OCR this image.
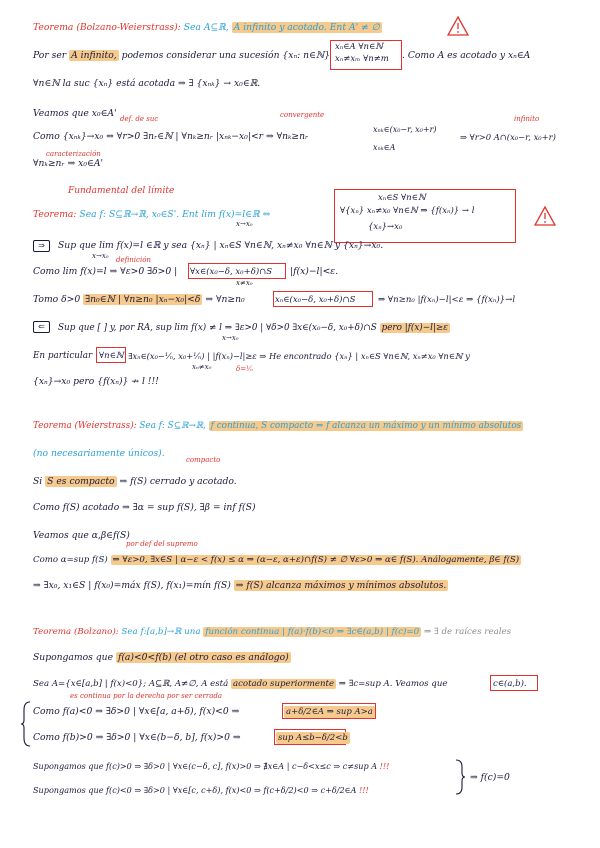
Teorema (Bolzano-Weierstrass): Sea A⊆ℝ, A infinito y acotado. Ent A' ≠ ∅
Por ser A infinito, podemos considerar una sucesión {xₙ: n∈ℕ}
xₙ∈A ∀n∈ℕ
xₙ≠xₘ ∀n≠m . Como A es acotado y xₙ∈A
∀n∈ℕ la suc {xₙ} está acotada ⇒ ∃ {xₙₖ} → x₀∈ℝ.
Veamos que x₀∈A' def. de suc	convergente	infinito
Como {xₙₖ}→x₀ ⇔ ∀r>0 ∃nᵣ∈ℕ | ∀nₖ≥nᵣ |xₙₖ−x₀|<r ⇒ ∀nₖ≥nᵣ
xₙₖ∈(x₀−r, x₀+r)
xₙₖ∈A
⇒ ∀r>0 A∩(x₀−r, x₀+r)
caracterización
∀nₖ≥nᵣ ⇒ x₀∈A'
Fundamental del límite
Teorema: Sea f: S⊆ℝ→ℝ, x₀∈S'. Ent lim f(x)=l∈ℝ ⇔
x→x₀
xₙ∈S ∀n∈ℕ
∀{xₙ} xₙ≠x₀ ∀n∈ℕ ⇒ {f(xₙ)} → l
{xₙ}→x₀
⇒	Sup que lim f(x)=l ∈ℝ y sea {xₙ} | xₙ∈S ∀n∈ℕ, xₙ≠x₀ ∀n∈ℕ y {xₙ}→x₀.
x→x₀ definición
Como lim f(x)=l ⇒ ∀ε>0 ∃δ>0 | ∀x∈(x₀−δ, x₀+δ)∩S |f(x)−l|<ε.
x≠x₀
Tomo δ>0 ∃n₀∈ℕ | ∀n≥n₀ |xₙ−x₀|<δ ⇒ ∀n≥n₀	xₙ∈(x₀−δ, x₀+δ)∩S	⇒ ∀n≥n₀ |f(xₙ)−l|<ε ⇒ {f(xₙ)}→l
⇐	Sup que [ ] y, por RA, sup lim f(x) ≠ l ⇒ ∃ε>0 | ∀δ>0 ∃x∈(x₀−δ, x₀+δ)∩S pero |f(x)−l|≥ε
x→x₀
En particular ∀n∈ℕ ∃xₙ∈(x₀−¹⁄ₙ, x₀+¹⁄ₙ) | |f(xₙ)−l|≥ε ⇒ He encontrado {xₙ} | xₙ∈S ∀n∈ℕ, xₙ≠x₀ ∀n∈ℕ y
xₙ≠x₀	δ=¹⁄ₙ
{xₙ}→x₀ pero {f(xₙ)} ↛ l !!!
Teorema (Weierstrass): Sea f: S⊆ℝ→ℝ, f continua, S compacto ⇒ f alcanza un máximo y un mínimo absolutos
(no necesariamente únicos).
compacto
Si S es compacto ⇒ f(S) cerrado y acotado.
Como f(S) acotado ⇒ ∃α = sup f(S), ∃β = inf f(S)
Veamos que α,β∈f(S)
por def del supremo
Como α=sup f(S) ⇒ ∀ε>0, ∃x∈S | α−ε < f(x) ≤ α ⇒ (α−ε, α+ε)∩f(S) ≠ ∅ ∀ε>0 ⇒ α∈ f(S). Análogamente, β∈ f(S)
⇒ ∃x₀, x₁∈S | f(x₀)=máx f(S), f(x₁)=mín f(S) ⇒ f(S) alcanza máximos y mínimos absolutos.
Teorema (Bolzano): Sea f:[a,b]→ℝ una función continua | f(a)·f(b)<0 ⇒ ∃c∈(a,b) | f(c)=0 ⇒ ∃ de raíces reales
Supongamos que f(a)<0<f(b) (el otro caso es análogo)
Sea A={x∈[a,b] | f(x)<0}; A⊆ℝ, A≠∅, A está acotado superiormente ⇒ ∃c=sup A. Veamos que	c∈(a,b).
es continua por la derecha por ser cerrada
Como f(a)<0 ⇒ ∃δ>0 | ∀x∈[a, a+δ), f(x)<0 ⇒	a+δ/2∈A ⇒ sup A>a
Como f(b)>0 ⇒ ∃δ>0 | ∀x∈(b−δ, b], f(x)>0 ⇒	sup A≤b−δ/2<b
Supongamos que f(c)>0 ⇒ ∃δ>0 | ∀x∈(c−δ, c], f(x)>0 ⇒ ∄x∈A | c−δ<x≤c ⇒ c≠sup A !!!
Supongamos que f(c)<0 ⇒ ∃δ>0 | ∀x∈[c, c+δ), f(x)<0 ⇒ f(c+δ/2)<0 ⇒ c+δ/2∈A !!!
⇒ f(c)=0
